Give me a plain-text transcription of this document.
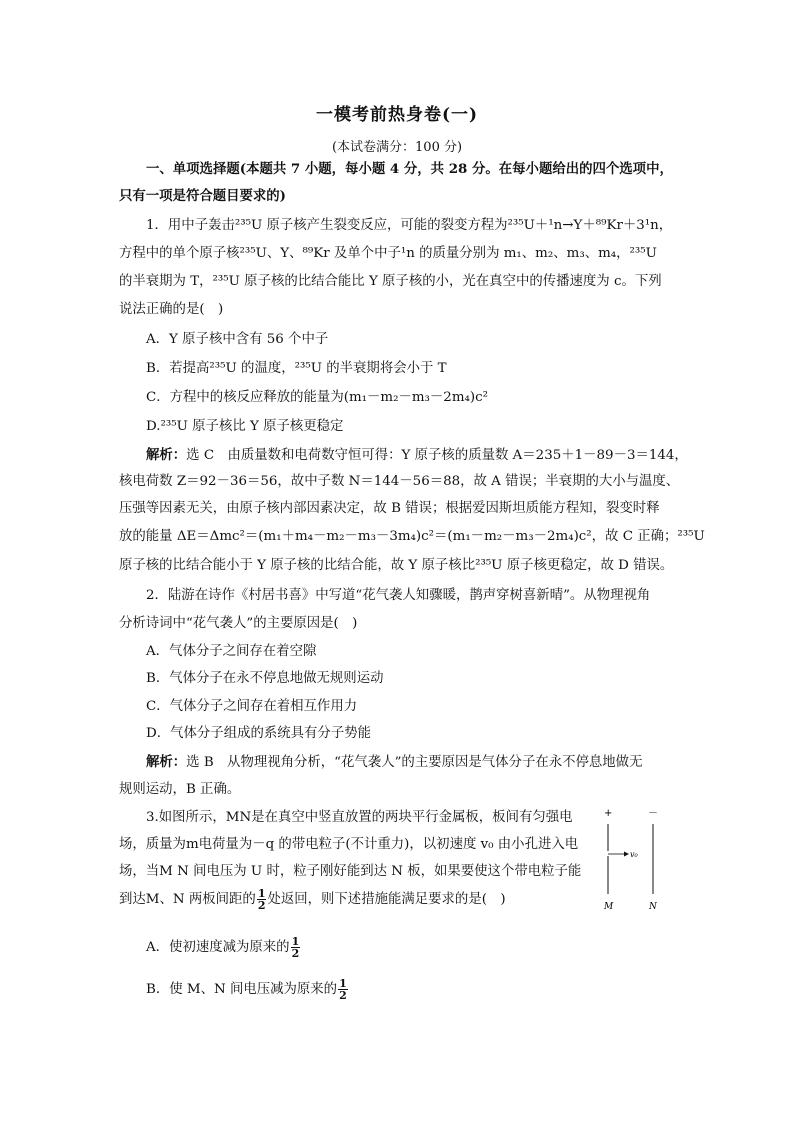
一模考前热身卷(一)
(本试卷满分：100 分)
一、单项选择题(本题共 7 小题，每小题 4 分，共 28 分。在每小题给出的四个选项中，
只有一项是符合题目要求的)
1．用中子轰击²³⁵U 原子核产生裂变反应，可能的裂变方程为²³⁵U＋¹n→Y＋⁸⁹Kr＋3¹n，
方程中的单个原子核²³⁵U、Y、⁸⁹Kr 及单个中子¹n 的质量分别为 m₁、m₂、m₃、m₄，²³⁵U
的半衰期为 T，²³⁵U 原子核的比结合能比 Y 原子核的小，光在真空中的传播速度为 c。下列
说法正确的是(　)
A．Y 原子核中含有 56 个中子
B．若提高²³⁵U 的温度，²³⁵U 的半衰期将会小于 T
C．方程中的核反应释放的能量为(m₁－m₂－m₃－2m₄)c²
D.²³⁵U 原子核比 Y 原子核更稳定
解析：选 C　由质量数和电荷数守恒可得：Y 原子核的质量数 A＝235＋1－89－3＝144，
核电荷数 Z＝92－36＝56，故中子数 N＝144－56＝88，故 A 错误；半衰期的大小与温度、
压强等因素无关，由原子核内部因素决定，故 B 错误；根据爱因斯坦质能方程知，裂变时释
放的能量 ΔE＝Δmc²＝(m₁＋m₄－m₂－m₃－3m₄)c²＝(m₁－m₂－m₃－2m₄)c²，故 C 正确；²³⁵U
原子核的比结合能小于 Y 原子核的比结合能，故 Y 原子核比²³⁵U 原子核更稳定，故 D 错误。
2．陆游在诗作《村居书喜》中写道“花气袭人知骤暖，鹊声穿树喜新晴”。从物理视角
分析诗词中“花气袭人”的主要原因是(　)
A．气体分子之间存在着空隙
B．气体分子在永不停息地做无规则运动
C．气体分子之间存在着相互作用力
D．气体分子组成的系统具有分子势能
解析：选 B　从物理视角分析，“花气袭人”的主要原因是气体分子在永不停息地做无
规则运动，B 正确。
3.如图所示，MN是在真空中竖直放置的两块平行金属板，板间有匀强电
场，质量为m电荷量为－q 的带电粒子(不计重力)，以初速度 v₀ 由小孔进入电
场，当M N 间电压为 U 时，粒子刚好能到达 N 板，如果要使这个带电粒子能
到达M、N 两板间距的 $\frac{1}{2}$ 处返回，则下述措施能满足要求的是(　)
A．使初速度减为原来的 $\frac{1}{2}$
B．使 M、N 间电压减为原来的 $\frac{1}{2}$
+	－
v₀
M	N
